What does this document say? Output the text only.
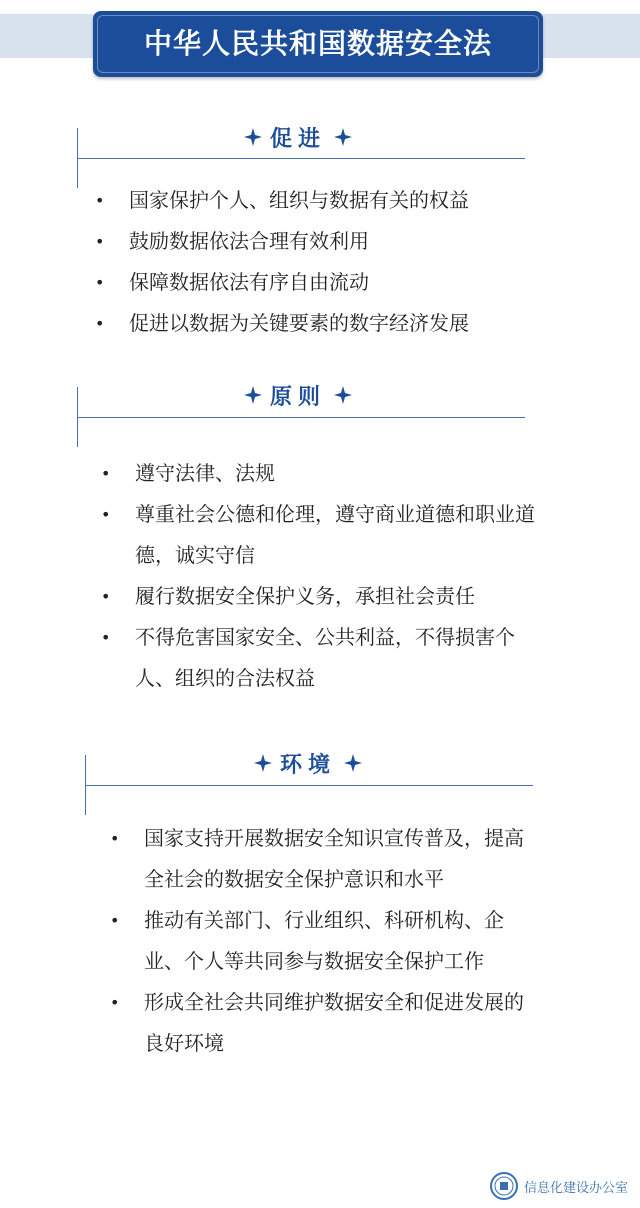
中华人民共和国数据安全法
促进
•	国家保护个人、组织与数据有关的权益
•	鼓励数据依法合理有效利用
•	保障数据依法有序自由流动
•	促进以数据为关键要素的数字经济发展
原则
•	遵守法律、法规
•	尊重社会公德和伦理，遵守商业道德和职业道德，诚实守信
•	履行数据安全保护义务，承担社会责任
•	不得危害国家安全、公共利益，不得损害个人、组织的合法权益
环境
•	国家支持开展数据安全知识宣传普及，提高全社会的数据安全保护意识和水平
•	推动有关部门、行业组织、科研机构、企业、个人等共同参与数据安全保护工作
•	形成全社会共同维护数据安全和促进发展的良好环境
信息化建设办公室
